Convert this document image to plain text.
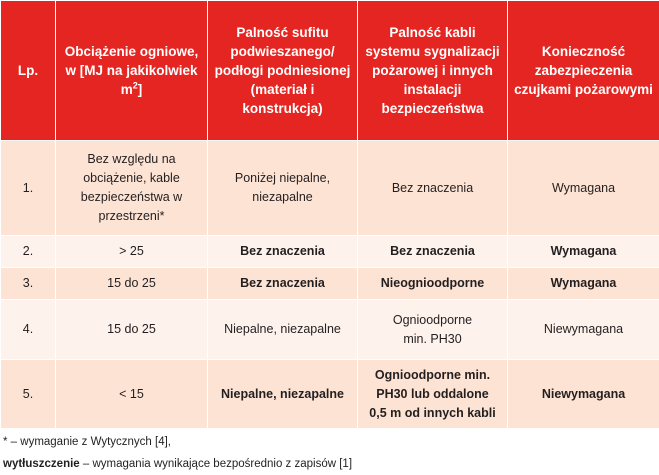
Lp.	Obciążenie ogniowe, w [MJ na jakikolwiek $m^2$]	Palność sufitu podwieszanego/ podłogi podniesionej (materiał i konstrukcja)	Palność kabli systemu sygnalizacji pożarowej i innych instalacji bezpieczeństwa	Konieczność zabezpieczenia czujkami pożarowymi
1.	Bez względu na obciążenie, kable bezpieczeństwa w przestrzeni*	Poniżej niepalne, niezapalne	Bez znaczenia	Wymagana
2.	> 25	Bez znaczenia	Bez znaczenia	Wymagana
3.	15 do 25	Bez znaczenia	Nieognioodporne	Wymagana
4.	15 do 25	Niepalne, niezapalne	Ognioodporne min. PH30	Niewymagana
5.	< 15	Niepalne, niezapalne	Ognioodporne min. PH30 lub oddalone 0,5 m od innych kabli	Niewymagana
* – wymaganie z Wytycznych [4],
wytłuszczenie – wymagania wynikające bezpośrednio z zapisów [1]
